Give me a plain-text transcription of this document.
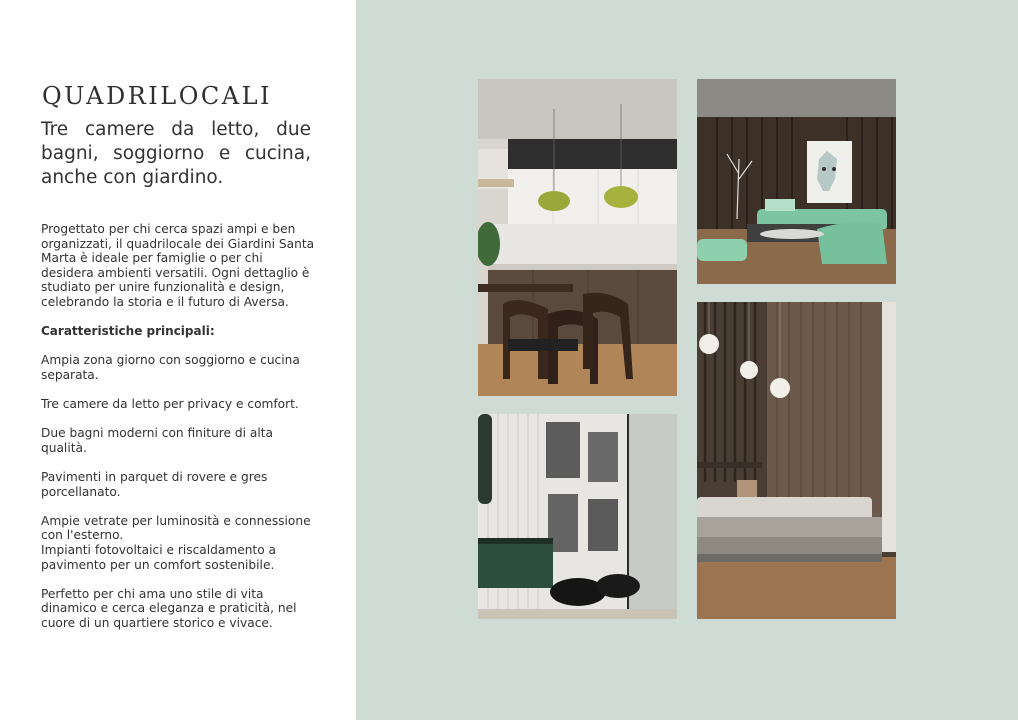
QUADRILOCALI
Tre camere da letto, due bagni, soggiorno e cucina, anche con giardino.

Progettato per chi cerca spazi ampi e ben organizzati, il quadrilocale dei Giardini Santa Marta è ideale per famiglie o per chi desidera ambienti versatili. Ogni dettaglio è studiato per unire funzionalità e design, celebrando la storia e il futuro di Aversa.

Caratteristiche principali:

Ampia zona giorno con soggiorno e cucina separata.

Tre camere da letto per privacy e comfort.

Due bagni moderni con finiture di alta qualità.

Pavimenti in parquet di rovere e gres porcellanato.

Ampie vetrate per luminosità e connessione con l'esterno.

Impianti fotovoltaici e riscaldamento a pavimento per un comfort sostenibile.

Perfetto per chi ama uno stile di vita dinamico e cerca eleganza e praticità, nel cuore di un quartiere storico e vivace.
